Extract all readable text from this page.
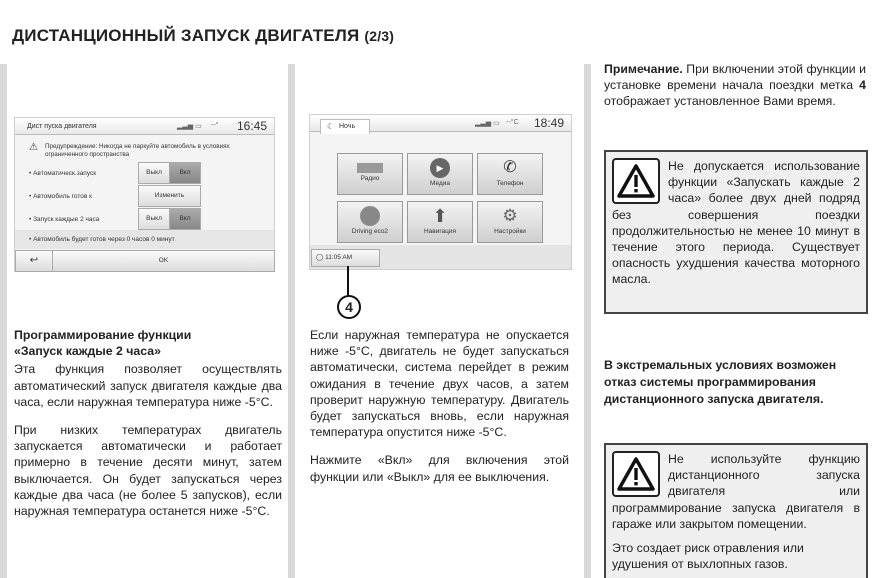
ДИСТАНЦИОННЫЙ ЗАПУСК ДВИГАТЕЛЯ (2/3)
Дист пуска двигателя	▂▃▅ ▭ --° 16:45
⚠ Предупреждение: Никогда не паркуйте автомобиль в условиях ограниченного пространства
• Автоматическ.запуск	Выкл	Вкл
• Автомобиль готов к	Изменить
• Запуск каждые 2 часа	Выкл	Вкл
• Автомобиль будет готов через 0 часов 0 минут
↩	OK
☾ Ночь	▂▃▅ ▭ --°C 18:49
Радио
▶
Медиа
✆
Телефон
Driving eco2
⬆
Навигация
⚙
Настройки
◯ 11:05 AM
4
Программирование функции
«Запуск каждые 2 часа»

Эта функция позволяет осуществлять автоматический запуск двигателя каждые два часа, если наружная температура ниже -5°C.

При низких температурах двигатель запускается автоматически и работает примерно в течение десяти минут, затем выключается. Он будет запускаться через каждые два часа (не более 5 запусков), если наружная температура останется ниже -5°C.

Если наружная температура не опускается ниже -5°C, двигатель не будет запускаться автоматически, система перейдет в режим ожидания в течение двух часов, а затем проверит наружную температуру. Двигатель будет запускаться вновь, если наружная температура опустится ниже -5°C.

Нажмите «Вкл» для включения этой функции или «Выкл» для ее выключения.

Примечание. При включении этой функции и установке времени начала поездки метка 4 отображает установленное Вами время.
Не допускается использование функции «Запускать каждые 2 часа» более двух дней подряд без совершения поездки продолжительностью не менее 10 минут в течение этого периода. Существует опасность ухудшения качества моторного масла.
В экстремальных условиях возможен отказ системы программирования дистанционного запуска двигателя.
Не используйте функцию дистанционного запуска двигателя или программирование запуска двигателя в гараже или закрытом помещении.
Это создает риск отравления или удушения от выхлопных газов.
